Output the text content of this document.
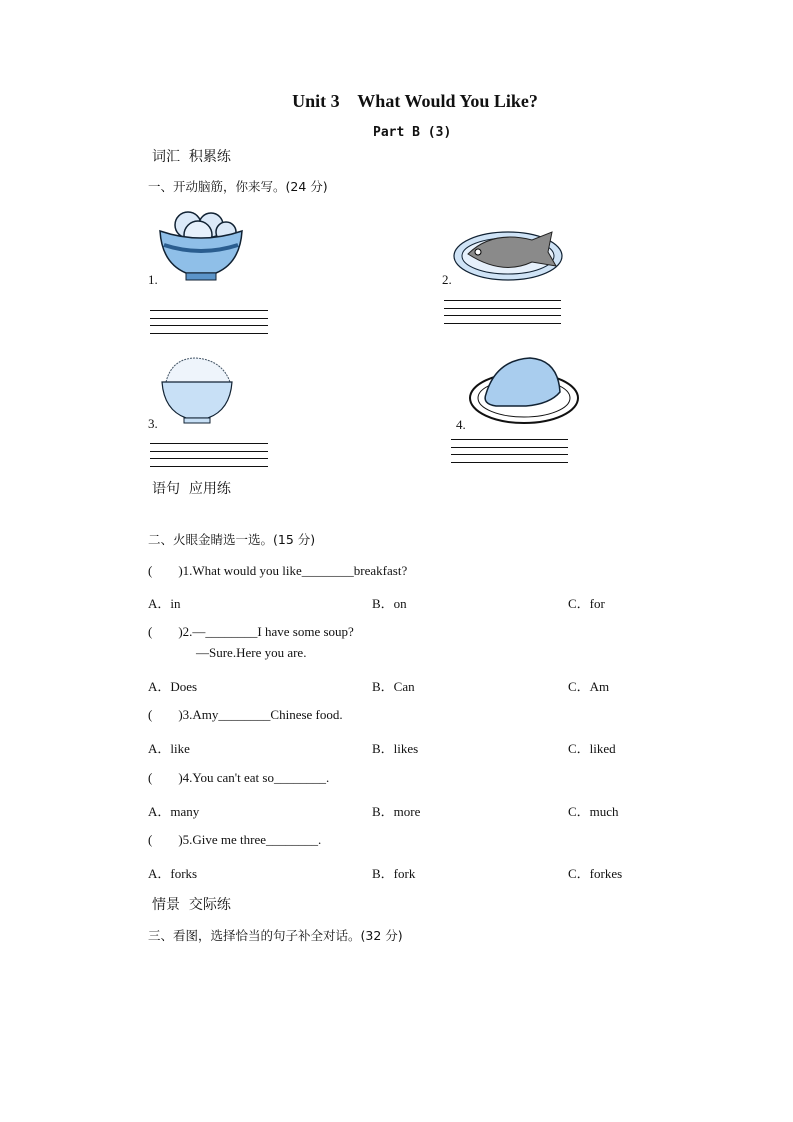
Unit 3    What Would You Like?
Part B (3)
词汇  积累练
一、开动脑筋，你来写。(24 分)
1.	2.
3.	4.
语句  应用练
二、火眼金睛选一选。(15 分)
(        )1.What would you like________breakfast?
A．in	B．on	C．for
(        )2.—________I have some soup?
—Sure.Here you are.
A．Does	B．Can	C．Am
(        )3.Amy________Chinese food.
A．like	B．likes	C．liked
(        )4.You can't eat so________.
A．many	B．more	C．much
(        )5.Give me three________.
A．forks	B．fork	C．forkes
情景  交际练
三、看图，选择恰当的句子补全对话。(32 分)
